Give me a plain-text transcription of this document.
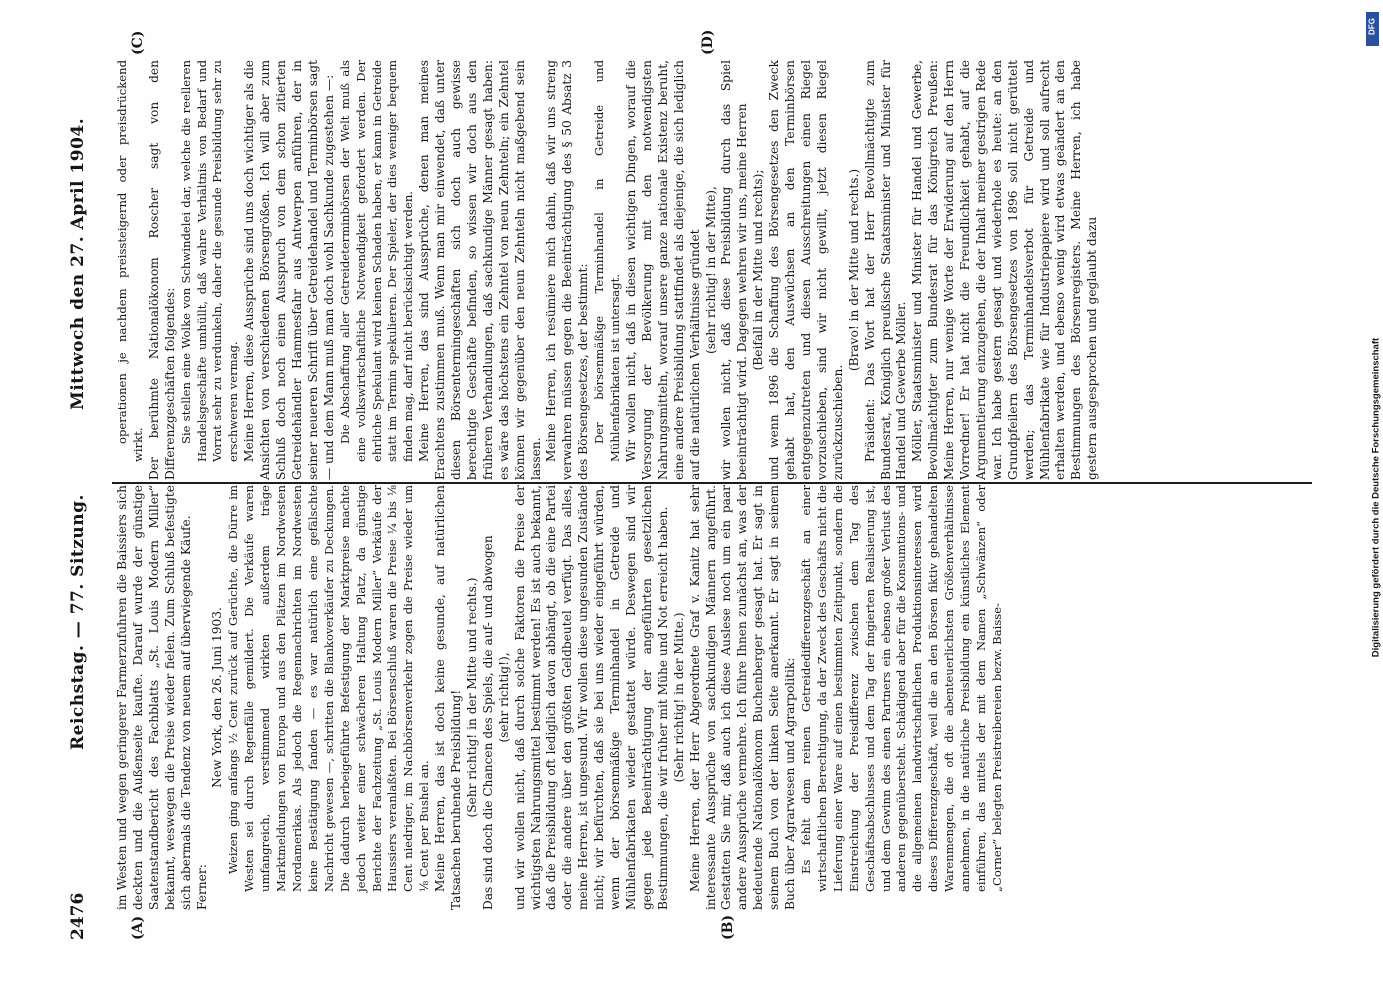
2476
Reichstag. — 77. Sitzung.
Mittwoch den 27. April 1904.
(A)	(B)
(C)	(D)

im Westen und wegen geringerer Farmerzufuhren die Baissiers sich deckten und die Außenseite kaufte. Darauf wurde der günstige Saatenstandbericht des Fachblatts „St. Louis Modern Miller“ bekannt, weswegen die Preise wieder fielen. Zum Schluß befestigte sich abermals die Tendenz von neuem auf überwiegende Käufe. Ferner:

New York, den 26. Juni 1903. Weizen ging anfangs ½ Cent zurück auf Gerüchte, die Dürre im Westen sei durch Regenfälle gemildert. Die Verkäufe waren umfangreich, verstimmend wirkten außerdem träge Marktmeldungen von Europa und aus den Plätzen im Nordwesten Nordamerikas. Als jedoch die Regennachrichten im Nordwesten keine Bestätigung fanden — es war natürlich eine gefälschte Nachricht gewesen —, schritten die Blankoverkäufer zu Deckungen. Die dadurch herbeigeführte Befestigung der Marktpreise machte jedoch weiter einer schwächeren Haltung Platz, da günstige Berichte der Fachzeitung „St. Louis Modern Miller“ Verkäufe der Haussiers veranlaßten. Bei Börsenschluß waren die Preise ¼ bis ⅛ Cent niedriger, im Nachbörsenverkehr zogen die Preise wieder um ⅛ Cent per Bushel an. Meine Herren, das ist doch keine gesunde, auf natürlichen Tatsachen beruhende Preisbildung! (Sehr richtig! in der Mitte und rechts.) Das sind doch die Chancen des Spiels, die auf- und abwogen (sehr richtig!), und wir wollen nicht, daß durch solche Faktoren die Preise der wichtigsten Nahrungsmittel bestimmt werden! Es ist auch bekannt, daß die Preisbildung oft lediglich davon abhängt, ob die eine Partei oder die andere über den größten Geldbeutel verfügt. Das alles, meine Herren, ist ungesund. Wir wollen diese ungesunden Zustände nicht; wir befürchten, daß sie bei uns wieder eingeführt würden, wenn der börsenmäßige Terminhandel in Getreide und Mühlenfabrikaten wieder gestattet würde. Deswegen sind wir gegen jede Beeinträchtigung der angeführten gesetzlichen Bestimmungen, die wir früher mit Mühe und Not erreicht haben. (Sehr richtig! in der Mitte.) Meine Herren, der Herr Abgeordnete Graf v. Kanitz hat sehr interessante Aussprüche von sachkundigen Männern angeführt. Gestatten Sie mir, daß auch ich diese Auslese noch um ein paar andere Aussprüche vermehre. Ich führe Ihnen zunächst an, was der bedeutende Nationalökonom Buchenberger gesagt hat. Er sagt in seinem Buch von der linken Seite anerkannt. Er sagt in seinem Buch über Agrarwesen und Agrarpolitik: Es fehlt dem reinen Getreidedifferenzgeschäft an einer wirtschaftlichen Berechtigung, da der Zweck des Geschäfts nicht die Lieferung einer Ware auf einen bestimmten Zeitpunkt, sondern die Einstreichung der Preisdifferenz zwischen dem Tag des Geschäftsabschlusses und dem Tag der fingierten Realisierung ist, und dem Gewinn des einen Partners ein ebenso großer Verlust des anderen gegenübersteht. Schädigend aber für die Konsumtions- und die allgemeinen landwirtschaftlichen Produktionsinteressen wird dieses Differenzgeschäft, weil die an den Börsen fiktiv gehandelten Warenmengen, die oft die abenteuerlichsten Größenverhältnisse annehmen, in die natürliche Preisbildung ein künstliches Element einführen, das mittels der mit dem Namen „Schwänzen“ oder „Corner“ belegten Preistreibereien bezw. Baisse-

operationen je nachdem preissteigernd oder preisdrückend wirkt. Der berühmte Nationalökonom Roscher sagt von den Differenzgeschäften folgendes: Sie stellen eine Wolke von Schwindelei dar, welche die reelleren Handelsgeschäfte umhüllt, daß wahre Verhältnis von Bedarf und Vorrat sehr zu verdunkeln, daher die gesunde Preisbildung sehr zu erschweren vermag. Meine Herren, diese Aussprüche sind uns doch wichtiger als die Ansichten von verschiedenen Börsengrößen. Ich will aber zum Schluß doch noch einen Ausspruch von dem schon zitierten Getreidehändler Hammesfahr aus Antwerpen anführen, der in seiner neueren Schrift über Getreidehandel und Terminbörsen sagt — und dem Mann muß man doch wohl Sachkunde zugestehen —: Die Abschaffung aller Getreideterminbörsen der Welt muß als eine volkswirtschaftliche Notwendigkeit gefordert werden. Der ehrliche Spekulant wird keinen Schaden haben, er kann in Getreide statt im Termin spekulieren. Der Spieler, der dies weniger bequem finden mag, darf nicht berücksichtigt werden. Meine Herren, das sind Aussprüche, denen man meines Erachtens zustimmen muß. Wenn man mir einwendet, daß unter diesen Börsentermingeschäften sich doch auch gewisse berechtigte Geschäfte befinden, so wissen wir doch aus den früheren Verhandlungen, daß sachkundige Männer gesagt haben: es wäre das höchstens ein Zehntel von neun Zehnteln; ein Zehntel können wir gegenüber den neun Zehnteln nicht maßgebend sein lassen. Meine Herren, ich resümiere mich dahin, daß wir uns streng verwahren müssen gegen die Beeinträchtigung des § 50 Absatz 3 des Börsengesetzes, der bestimmt: Der börsenmäßige Terminhandel in Getreide und Mühlenfabrikaten ist untersagt. Wir wollen nicht, daß in diesen wichtigen Dingen, worauf die Versorgung der Bevölkerung mit den notwendigsten Nahrungsmitteln, worauf unsere ganze nationale Existenz beruht, eine andere Preisbildung stattfindet als diejenige, die sich lediglich auf die natürlichen Verhältnisse gründet (sehr richtig! in der Mitte), wir wollen nicht, daß diese Preisbildung durch das Spiel beeinträchtigt wird. Dagegen wehren wir uns, meine Herren (Beifall in der Mitte und rechts); und wenn 1896 die Schaffung des Börsengesetzes den Zweck gehabt hat, den Auswüchsen an den Terminbörsen entgegenzutreten und diesen Ausschreitungen einen Riegel vorzuschieben, sind wir nicht gewillt, jetzt diesen Riegel zurückzuschieben.

(Bravo! in der Mitte und rechts.) Präsident: Das Wort hat der Herr Bevollmächtigte zum Bundesrat, Königlich preußische Staatsminister und Minister für Handel und Gewerbe Möller. Möller, Staatsminister und Minister für Handel und Gewerbe, Bevollmächtigter zum Bundesrat für das Königreich Preußen: Meine Herren, nur wenige Worte der Erwiderung auf den Herrn Vorredner! Er hat nicht die Freundlichkeit gehabt, auf die Argumentierung einzugehen, die der Inhalt meiner gestrigen Rede war. Ich habe gestern gesagt und wiederhole es heute: an den Grundpfeilern des Börsengesetzes von 1896 soll nicht gerüttelt werden; das Terminhandelsverbot für Getreide und Mühlenfabrikate wie für Industriepapiere wird und soll aufrecht erhalten werden, und ebenso wenig wird etwas geändert an den Bestimmungen des Börsenregisters. Meine Herren, ich habe gestern ausgesprochen und geglaubt dazu

DFG
Digitalisierung gefördert durch die Deutsche Forschungsgemeinschaft
